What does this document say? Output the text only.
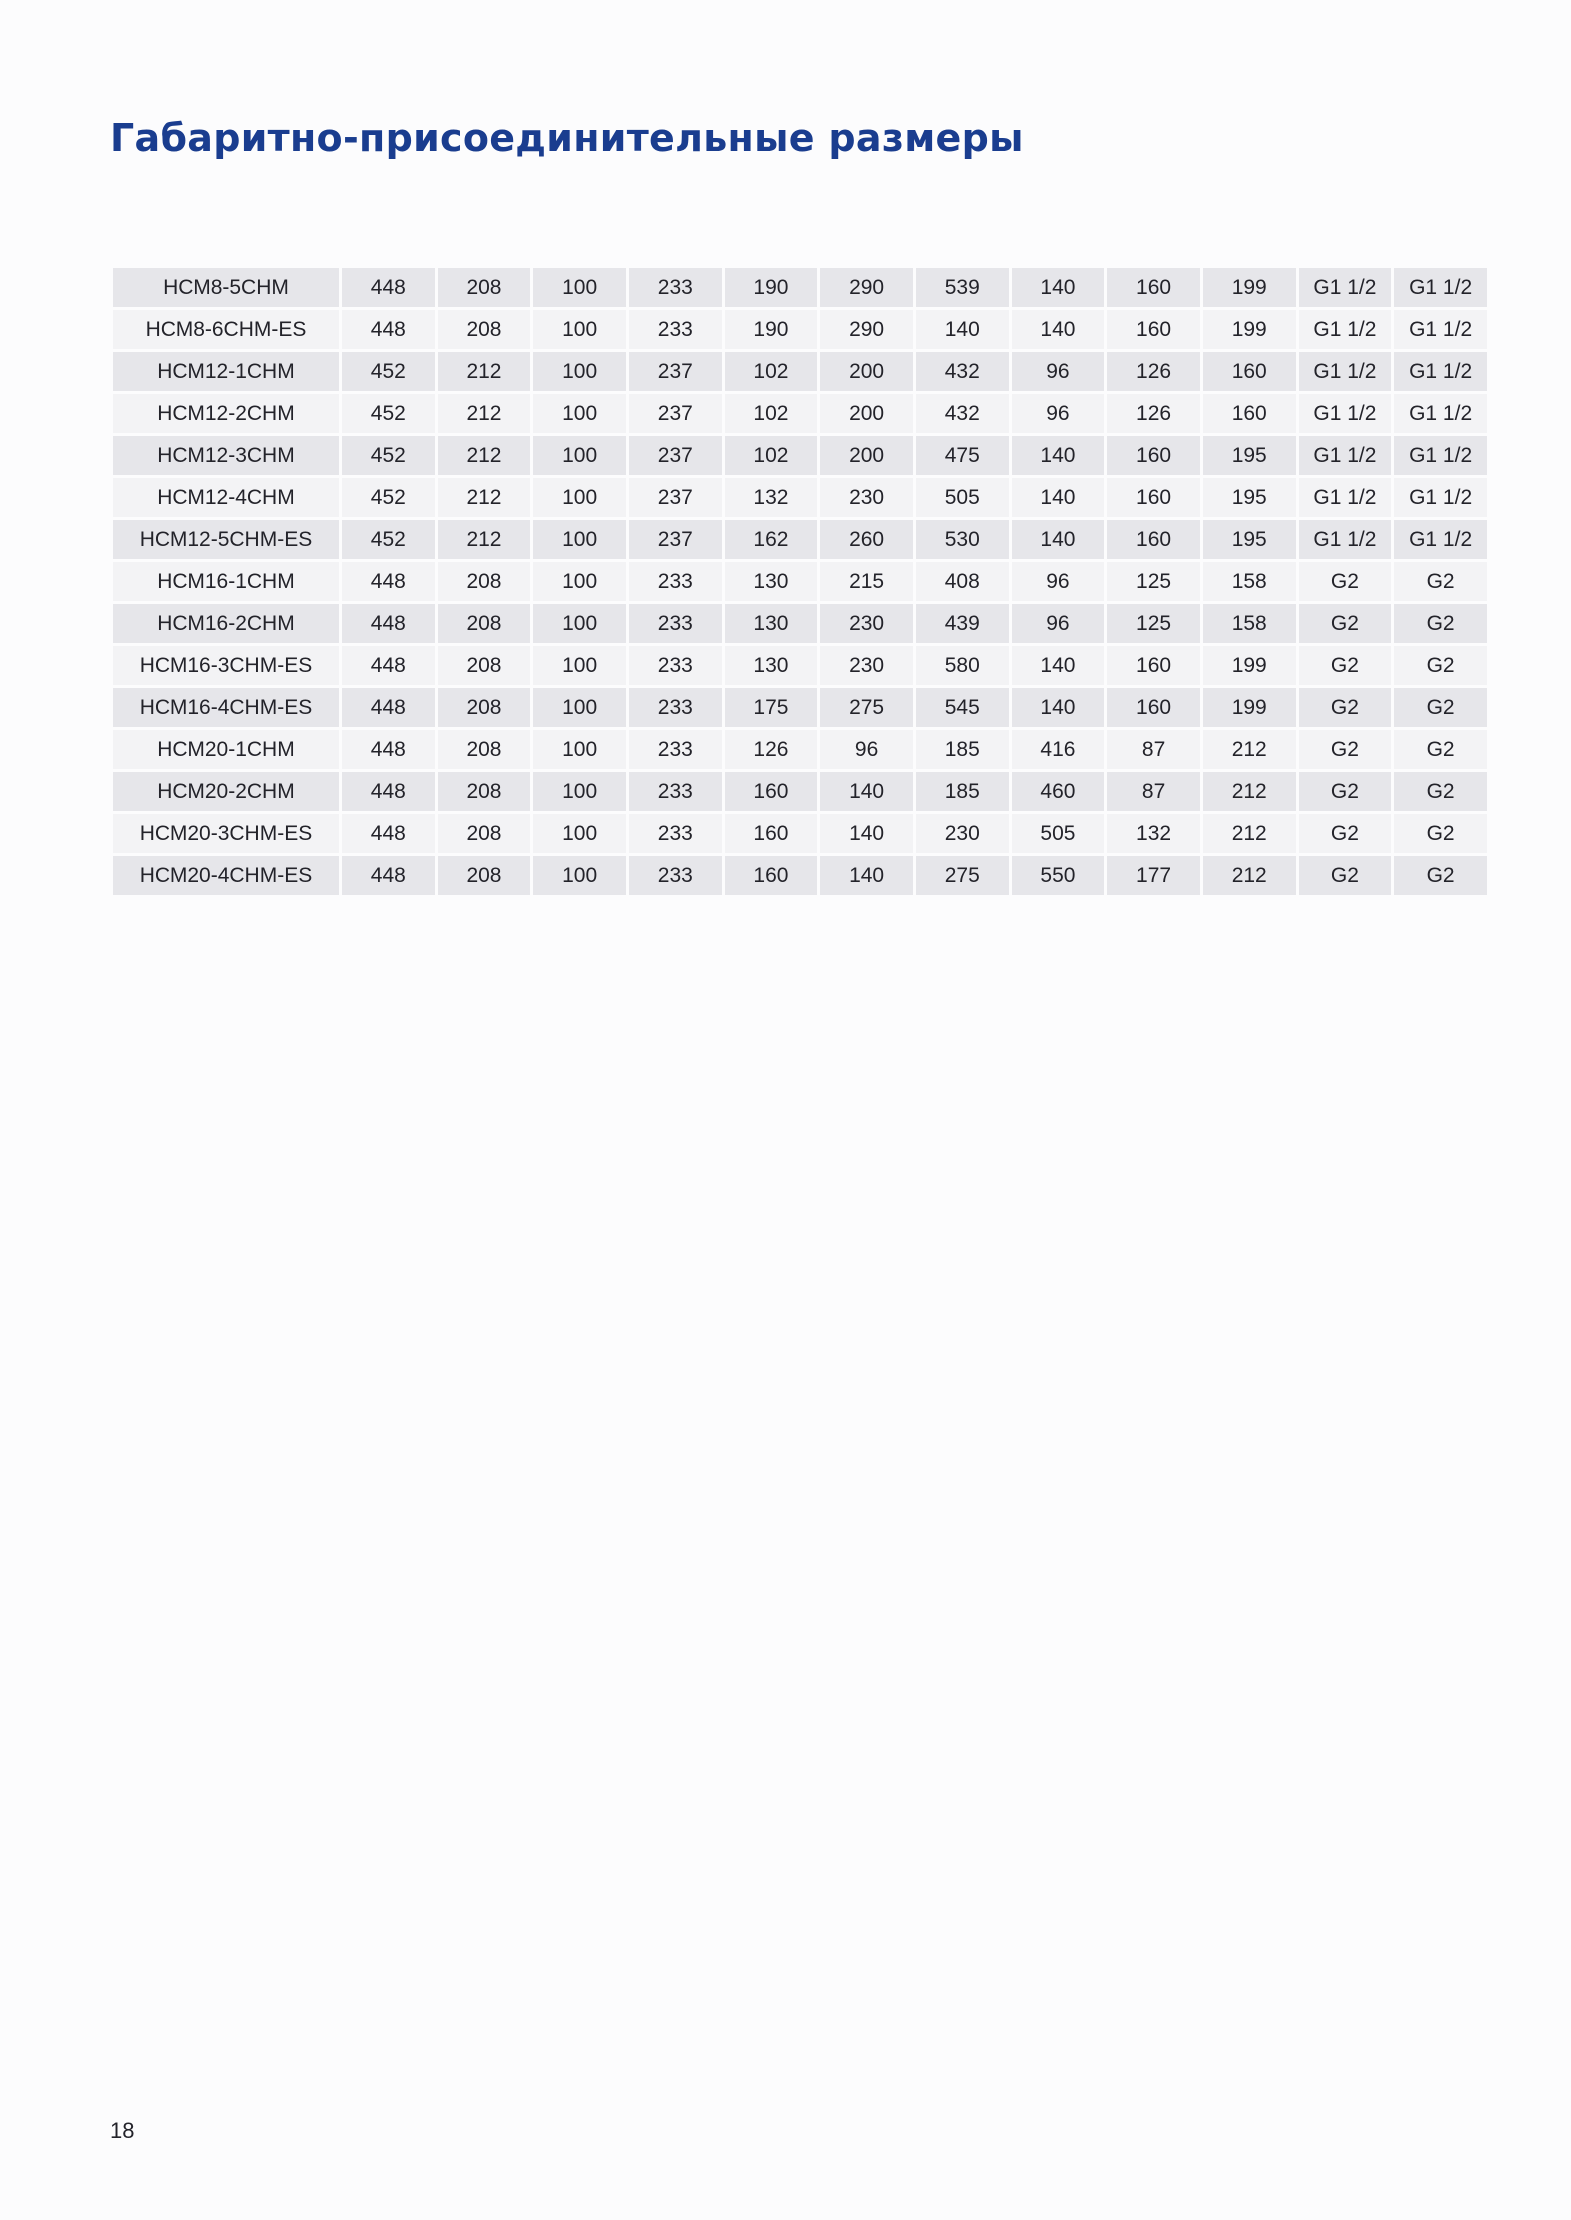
Габаритно-присоединительные размеры
НСМ8-5СНМ	448	208	100	233	190	290	539	140	160	199	G1 1/2	G1 1/2
НСМ8-6СНМ-ES	448	208	100	233	190	290	140	140	160	199	G1 1/2	G1 1/2
НСМ12-1СНМ	452	212	100	237	102	200	432	96	126	160	G1 1/2	G1 1/2
НСМ12-2СНМ	452	212	100	237	102	200	432	96	126	160	G1 1/2	G1 1/2
НСМ12-3СНМ	452	212	100	237	102	200	475	140	160	195	G1 1/2	G1 1/2
НСМ12-4СНМ	452	212	100	237	132	230	505	140	160	195	G1 1/2	G1 1/2
НСМ12-5СНМ-ES	452	212	100	237	162	260	530	140	160	195	G1 1/2	G1 1/2
НСМ16-1СНМ	448	208	100	233	130	215	408	96	125	158	G2	G2
НСМ16-2СНМ	448	208	100	233	130	230	439	96	125	158	G2	G2
НСМ16-3СНМ-ES	448	208	100	233	130	230	580	140	160	199	G2	G2
НСМ16-4СНМ-ES	448	208	100	233	175	275	545	140	160	199	G2	G2
НСМ20-1СНМ	448	208	100	233	126	96	185	416	87	212	G2	G2
НСМ20-2СНМ	448	208	100	233	160	140	185	460	87	212	G2	G2
НСМ20-3СНМ-ES	448	208	100	233	160	140	230	505	132	212	G2	G2
НСМ20-4СНМ-ES	448	208	100	233	160	140	275	550	177	212	G2	G2
18
